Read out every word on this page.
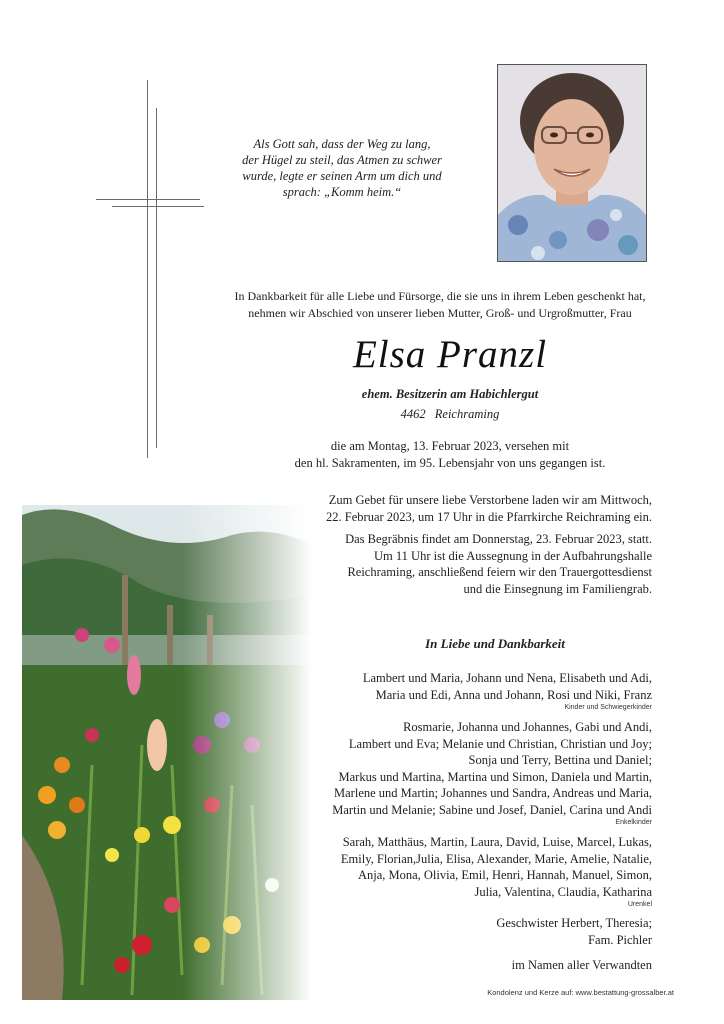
Als Gott sah, dass der Weg zu lang,
der Hügel zu steil, das Atmen zu schwer
wurde, legte er seinen Arm um dich und
sprach: „Komm heim.“
In Dankbarkeit für alle Liebe und Fürsorge, die sie uns in ihrem Leben geschenkt hat,
nehmen wir Abschied von unserer lieben Mutter, Groß- und Urgroßmutter, Frau
Elsa Pranzl
ehem. Besitzerin am Habichlergut
4462 Reichraming
die am Montag, 13. Februar 2023, versehen mit
den hl. Sakramenten, im 95. Lebensjahr von uns gegangen ist.
Zum Gebet für unsere liebe Verstorbene laden wir am Mittwoch,
22. Februar 2023, um 17 Uhr in die Pfarrkirche Reichraming ein.
Das Begräbnis findet am Donnerstag, 23. Februar 2023, statt.
Um 11 Uhr ist die Aussegnung in der Aufbahrungshalle
Reichraming, anschließend feiern wir den Trauergottesdienst
und die Einsegnung im Familiengrab.
In Liebe und Dankbarkeit
Lambert und Maria, Johann und Nena, Elisabeth und Adi,
Maria und Edi, Anna und Johann, Rosi und Niki, Franz
Kinder und Schwiegerkinder
Rosmarie, Johanna und Johannes, Gabi und Andi,
Lambert und Eva; Melanie und Christian, Christian und Joy;
Sonja und Terry, Bettina und Daniel;
Markus und Martina, Martina und Simon, Daniela und Martin,
Marlene und Martin; Johannes und Sandra, Andreas und Maria,
Martin und Melanie; Sabine und Josef, Daniel, Carina und Andi
Enkelkinder
Sarah, Matthäus, Martin, Laura, David, Luise, Marcel, Lukas,
Emily, Florian,Julia, Elisa, Alexander, Marie, Amelie, Natalie,
Anja, Mona, Olivia, Emil, Henri, Hannah, Manuel, Simon,
Julia, Valentina, Claudia, Katharina
Urenkel
Geschwister Herbert, Theresia;
Fam. Pichler
im Namen aller Verwandten
Kondolenz und Kerze auf: www.bestattung-grossalber.at
